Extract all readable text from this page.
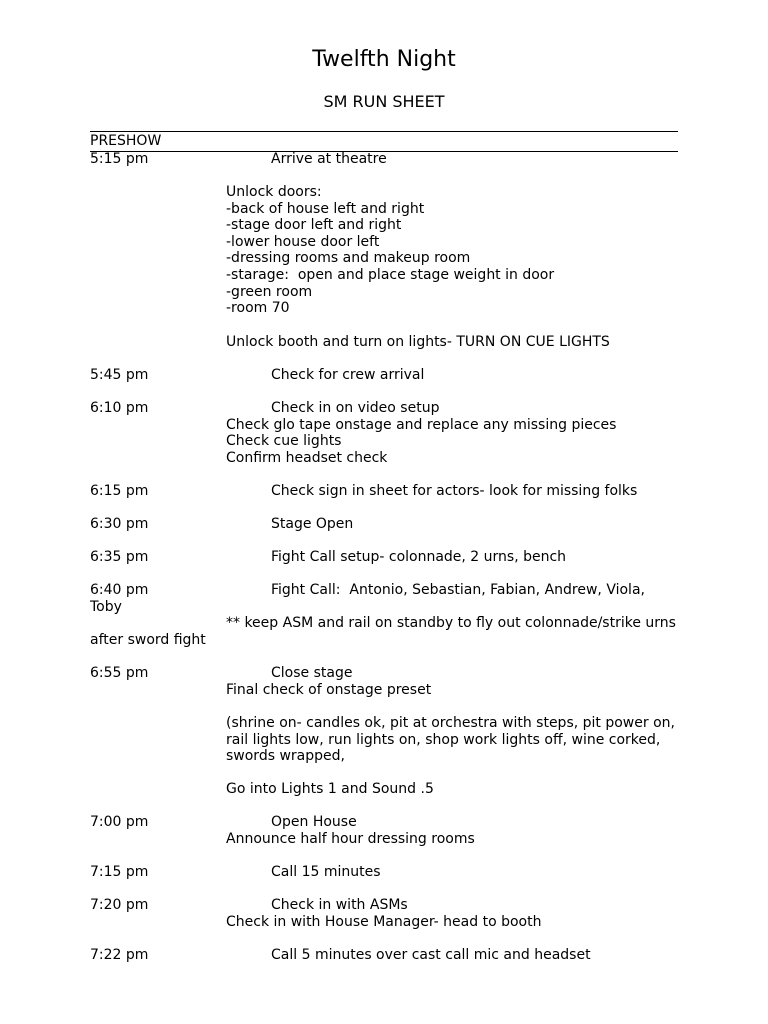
Twelfth Night
SM RUN SHEET
PRESHOW
5:15 pm	Arrive at theatre
Unlock doors:
-back of house left and right
-stage door left and right
-lower house door left
-dressing rooms and makeup room
-starage:  open and place stage weight in door
-green room
-room 70
Unlock booth and turn on lights- TURN ON CUE LIGHTS
5:45 pm	Check for crew arrival
6:10 pm	Check in on video setup
Check glo tape onstage and replace any missing pieces
Check cue lights
Confirm headset check
6:15 pm	Check sign in sheet for actors- look for missing folks
6:30 pm	Stage Open
6:35 pm	Fight Call setup- colonnade, 2 urns, bench
6:40 pm	Fight Call:  Antonio, Sebastian, Fabian, Andrew, Viola,
Toby
** keep ASM and rail on standby to fly out colonnade/strike urns
after sword fight
6:55 pm	Close stage
Final check of onstage preset
(shrine on- candles ok, pit at orchestra with steps, pit power on,
rail lights low, run lights on, shop work lights off, wine corked,
swords wrapped,
Go into Lights 1 and Sound .5
7:00 pm	Open House
Announce half hour dressing rooms
7:15 pm	Call 15 minutes
7:20 pm	Check in with ASMs
Check in with House Manager- head to booth
7:22 pm	Call 5 minutes over cast call mic and headset
